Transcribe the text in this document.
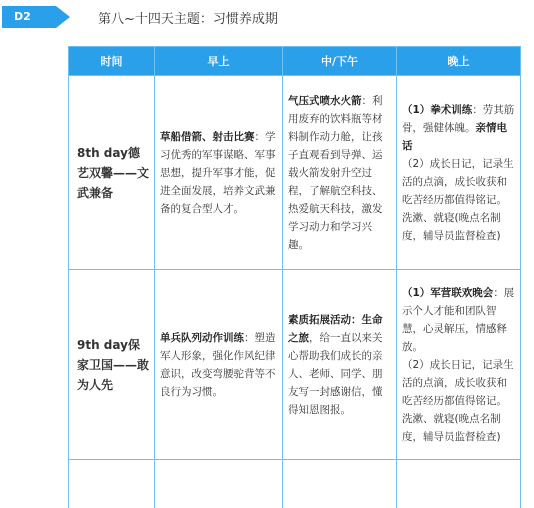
D2	第八~十四天主题：习惯养成期
时间	早上	中/下午	晚上
8th day德艺双馨——文武兼备	草船借箭、射击比赛：学习优秀的军事谋略、军事思想，提升军事才能，促进全面发展，培养文武兼备的复合型人才。	气压式喷水火箭：利用废弃的饮料瓶等材料制作动力舱，让孩子直观看到导弹、运载火箭发射升空过程，了解航空科技、热爱航天科技，激发学习动力和学习兴趣。	（1）拳术训练：劳其筋骨，强健体魄。亲情电话
（2）成长日记，记录生活的点滴，成长收获和吃苦经历都值得铭记。洗漱、就寝(晚点名制度，辅导员监督检查)

9th day保家卫国——敢为人先	单兵队列动作训练：塑造军人形象，强化作风纪律意识，改变弯腰驼背等不良行为习惯。	素质拓展活动：生命之旅，给一直以来关心帮助我们成长的亲人、老师、同学、朋友写一封感谢信，懂得知恩图报。	（1）军营联欢晚会：展示个人才能和团队智慧，心灵解压，情感释放。
（2）成长日记，记录生活的点滴，成长收获和吃苦经历都值得铭记。洗漱、就寝(晚点名制度，辅导员监督检查)
